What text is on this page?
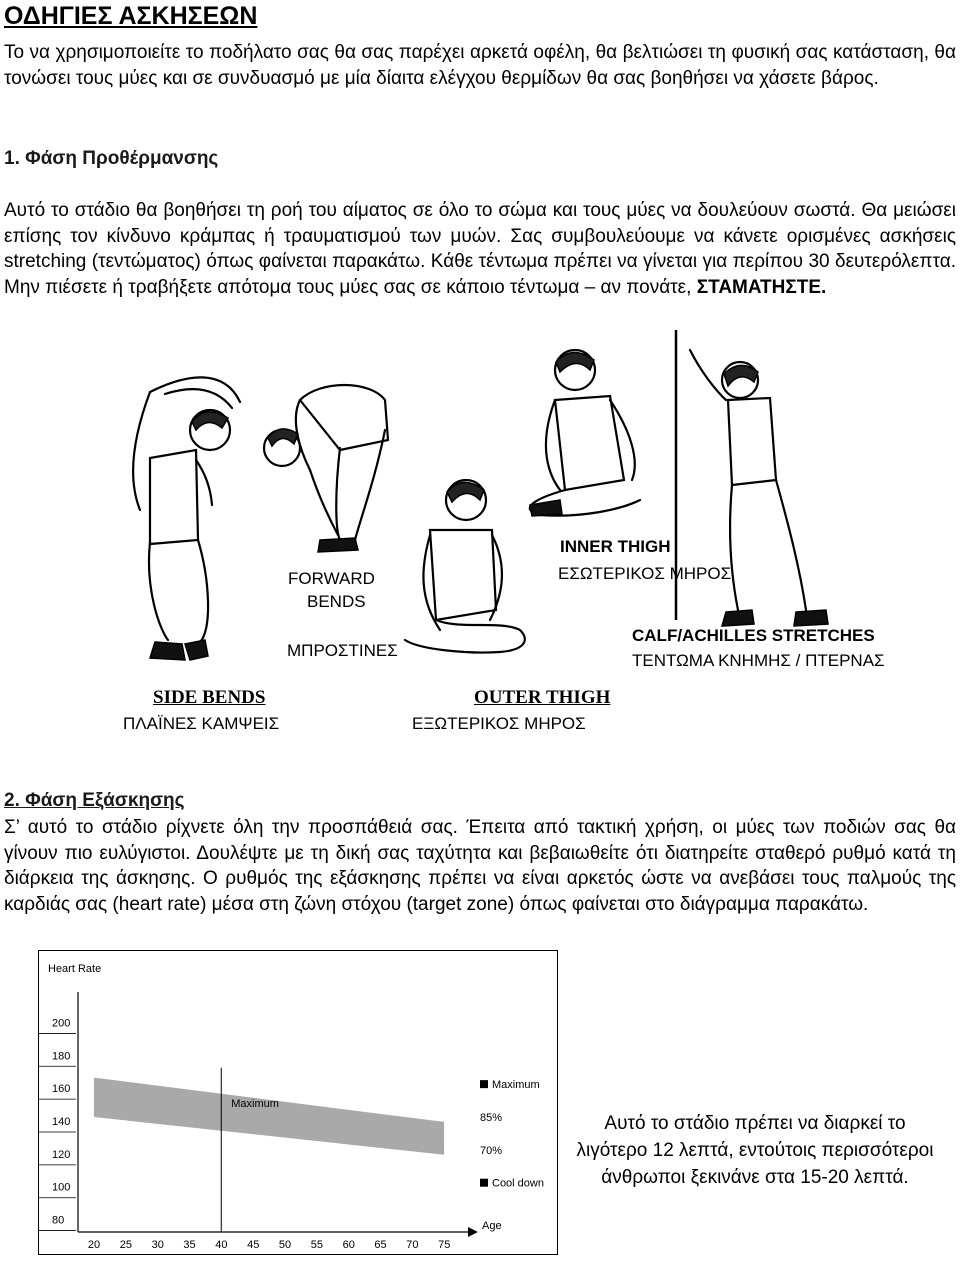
ΟΔΗΓΙΕΣ ΑΣΚΗΣΕΩΝ
Το να χρησιμοποιείτε το ποδήλατο σας θα σας παρέχει αρκετά οφέλη, θα βελτιώσει τη φυσική σας κατάσταση, θα τονώσει τους μύες και σε συνδυασμό με μία δίαιτα ελέγχου θερμίδων θα σας βοηθήσει να χάσετε βάρος.
1. Φάση Προθέρμανσης
Αυτό το στάδιο θα βοηθήσει τη ροή του αίματος σε όλο το σώμα και τους μύες να δουλεύουν σωστά. Θα μειώσει επίσης τον κίνδυνο κράμπας ή τραυματισμού των μυών. Σας συμβουλεύουμε να κάνετε ορισμένες ασκήσεις stretching (τεντώματος) όπως φαίνεται παρακάτω. Κάθε τέντωμα πρέπει να γίνεται για περίπου 30 δευτερόλεπτα. Μην πιέσετε ή τραβήξετε απότομα τους μύες σας σε κάποιο τέντωμα – αν πονάτε, ΣΤΑΜΑΤΗΣΤΕ.
FORWARD
BENDS
ΜΠΡΟΣΤΙΝΕΣ
INNER THIGH
ΕΣΩΤΕΡΙΚΟΣ ΜΗΡΟΣ
CALF/ACHILLES STRETCHES
ΤΕΝΤΩΜΑ ΚΝΗΜΗΣ / ΠΤΕΡΝΑΣ
SIDE BENDS
ΠΛΑΪΝΕΣ ΚΑΜΨΕΙΣ
OUTER THIGH
ΕΞΩΤΕΡΙΚΟΣ ΜΗΡΟΣ
2. Φάση Εξάσκησης
Σ’ αυτό το στάδιο ρίχνετε όλη την προσπάθειά σας. Έπειτα από τακτική χρήση, οι μύες των ποδιών σας θα γίνουν πιο ευλύγιστοι. Δουλέψτε με τη δική σας ταχύτητα και βεβαιωθείτε ότι διατηρείτε σταθερό ρυθμό κατά τη διάρκεια της άσκησης. Ο ρυθμός της εξάσκησης πρέπει να είναι αρκετός ώστε να ανεβάσει τους παλμούς της καρδιάς σας (heart rate) μέσα στη ζώνη στόχου (target zone) όπως φαίνεται στο διάγραμμα παρακάτω.
Heart Rate
80
100
120
140
160
180
200
20 25 30 35 40 45 50 55 60 65 70 75
Maximum
Maximum
85%
70%
Cool down
Age
Αυτό το στάδιο πρέπει να διαρκεί το λιγότερο 12 λεπτά, εντούτοις περισσότεροι άνθρωποι ξεκινάνε στα 15-20 λεπτά.
